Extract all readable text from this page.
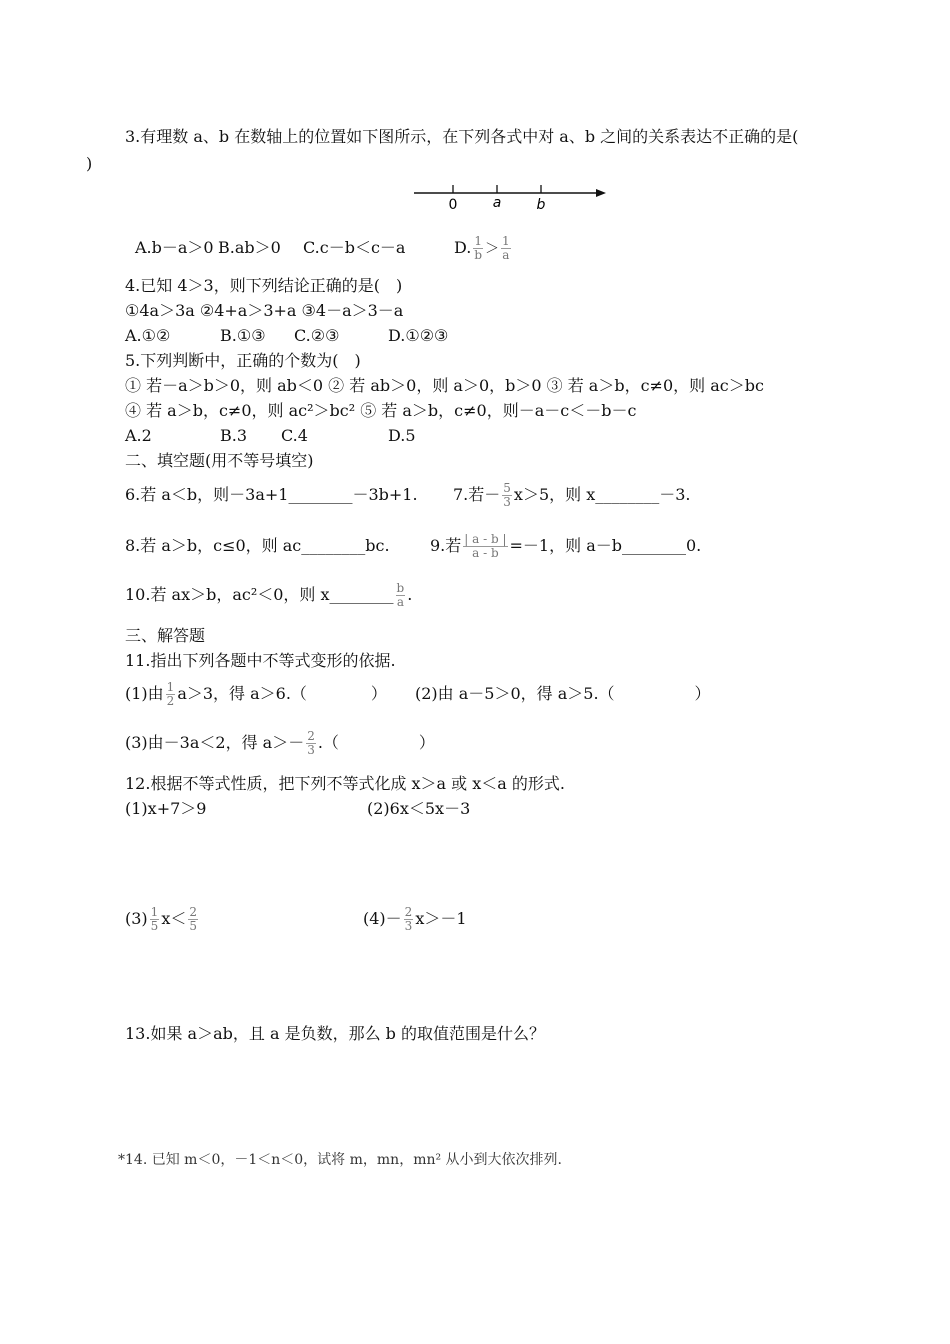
3.有理数 a、b 在数轴上的位置如下图所示，在下列各式中对 a、b 之间的关系表达不正确的是(
)
0	a	b
A.b－a＞0 B.ab＞0 C.c－b＜c－a	D. $\frac{1}{b} > \frac{1}{a}$
4.已知 4＞3，则下列结论正确的是(　)
①4a＞3a ②4+a＞3+a ③4－a＞3－a
A.①②	B.①③ C.②③	D.①②③
5.下列判断中，正确的个数为(　)
① 若－a＞b＞0，则 ab＜0 ② 若 ab＞0，则 a＞0，b＞0 ③ 若 a＞b，c≠0，则 ac＞bc
④ 若 a＞b，c≠0，则 ac²＞bc² ⑤ 若 a＞b，c≠0，则－a－c＜－b－c
A.2	B.3 C.4	D.5
二、填空题(用不等号填空)
6.若 a＜b，则－3a+1________－3b+1. 7.若－ $\frac{5}{3} x>5$，则 x________－3.
8.若 a＞b，c≤0，则 ac________bc.	9.若 $\frac{| a - b |}{a - b} =-1$，则 a－b________0.
10.若 ax＞b，ac²＜0，则 x________ $\frac{b}{a}$ .
三、解答题
11.指出下列各题中不等式变形的依据.
(1)由 $\frac{1}{2} a>3$，得 a＞6.（　　　　） (2)由 a－5＞0，得 a＞5.（　　　　　）
(3)由－3a＜2，得 $a>- \frac{2}{3}$ .（　　　　　）
12.根据不等式性质，把下列不等式化成 x＞a 或 x＜a 的形式.
(1)x+7＞9	(2)6x＜5x－3
$(3) \frac{1}{5} x< \frac{2}{5}$	$(4)- \frac{2}{3} x>-1$
13.如果 a＞ab，且 a 是负数，那么 b 的取值范围是什么？
*14. 已知 m＜0，－1＜n＜0，试将 m，mn，mn² 从小到大依次排列.
